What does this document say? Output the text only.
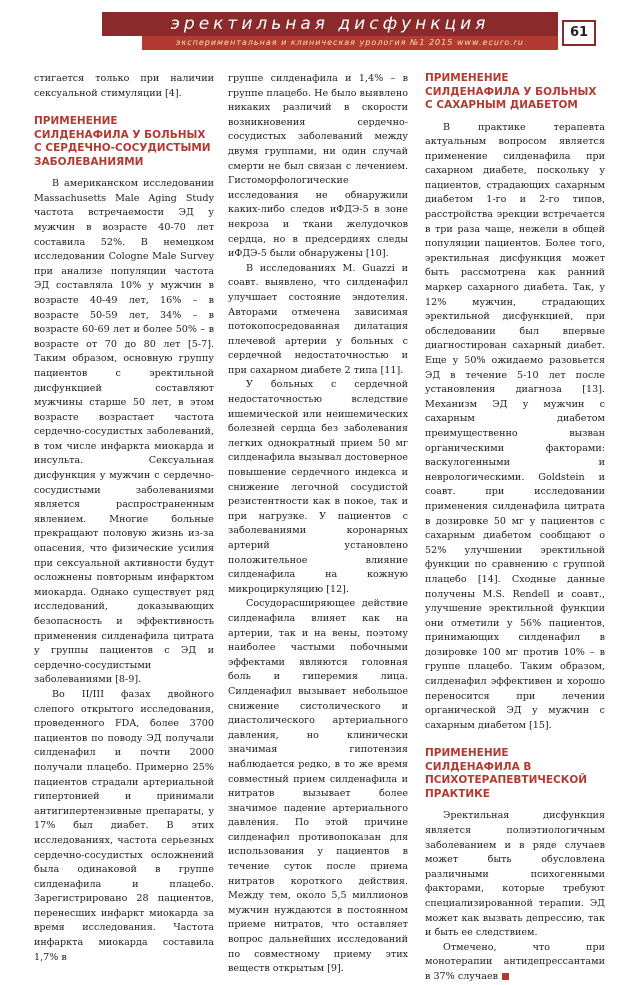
эректильная дисфункция
экспериментальная и клиническая урология №1 2015 www.ecuro.ru
61

стигается только при наличии сексуальной стимуляции [4].

ПРИМЕНЕНИЕ СИЛДЕНАФИЛА У БОЛЬНЫХ С СЕРДЕЧНО-СОСУДИСТЫМИ ЗАБОЛЕВАНИЯМИ

В американском исследовании Massachusetts Male Aging Study частота встречаемости ЭД у мужчин в возрасте 40-70 лет составила 52%. В немецком исследовании Cologne Male Survey при анализе популяции частота ЭД составляла 10% у мужчин в возрасте 40-49 лет, 16% – в возрасте 50-59 лет, 34% – в возрасте 60-69 лет и более 50% – в возрасте от 70 до 80 лет [5-7]. Таким образом, основную группу пациентов с эректильной дисфункцией составляют мужчины старше 50 лет, в этом возрасте возрастает частота сердечно-сосудистых заболеваний, в том числе инфаркта миокарда и инсульта. Сексуальная дисфункция у мужчин с сердечно-сосудистыми заболеваниями является распространенным явлением. Многие больные прекращают половую жизнь из-за опасения, что физические усилия при сексуальной активности будут осложнены повторным инфарктом миокарда. Однако существует ряд исследований, доказывающих безопасность и эффективность применения силденафила цитрата у группы пациентов с ЭД и сердечно-сосудистыми заболеваниями [8-9].

Во II/III фазах двойного слепого открытого исследования, проведенного FDA, более 3700 пациентов по поводу ЭД получали силденафил и почти 2000 получали плацебо. Примерно 25% пациентов страдали артериальной гипертонией и принимали антигипертензивные препараты, у 17% был диабет. В этих исследованиях, частота серьезных сердечно-сосудистых осложнений была одинаковой в группе силденафила и плацебо. Зарегистрировано 28 пациентов, перенесших инфаркт миокарда за время исследования. Частота инфаркта миокарда составила 1,7% в

группе силденафила и 1,4% – в группе плацебо. Не было выявлено никаких различий в скорости возникновения сердечно-сосудистых заболеваний между двумя группами, ни один случай смерти не был связан с лечением. Гистоморфологические исследования не обнаружили каких-либо следов иФДЭ-5 в зоне некроза и ткани желудочков сердца, но в предсердиях следы иФДЭ-5 были обнаружены [10].

В исследованиях M. Guazzi и соавт. выявлено, что силденафил улучшает состояние эндотелия. Авторами отмечена зависимая потокопосредованная дилатация плечевой артерии у больных с сердечной недостаточностью и при сахарном диабете 2 типа [11].

У больных с сердечной недостаточностью вследствие ишемической или неишемических болезней сердца без заболевания легких однократный прием 50 мг силденафила вызывал достоверное повышение сердечного индекса и снижение легочной сосудистой резистентности как в покое, так и при нагрузке. У пациентов с заболеваниями коронарных артерий установлено положительное влияние силденафила на кожную микроциркуляцию [12].

Сосудорасширяющее действие силденафила влияет как на артерии, так и на вены, поэтому наиболее частыми побочными эффектами являются головная боль и гиперемия лица. Силденафил вызывает небольшое снижение систолического и диастолического артериального давления, но клинически значимая гипотензия наблюдается редко, в то же время совместный прием силденафила и нитратов вызывает более значимое падение артериального давления. По этой причине силденафил противопоказан для использования у пациентов в течение суток после приема нитратов короткого действия. Между тем, около 5,5 миллионов мужчин нуждаются в постоянном приеме нитратов, что оставляет вопрос дальнейших исследований по совместному приему этих веществ открытым [9].

ПРИМЕНЕНИЕ СИЛДЕНАФИЛА У БОЛЬНЫХ С САХАРНЫМ ДИАБЕТОМ

В практике терапевта актуальным вопросом является применение силденафила при сахарном диабете, поскольку у пациентов, страдающих сахарным диабетом 1-го и 2-го типов, расстройства эрекции встречается в три раза чаще, нежели в общей популяции пациентов. Более того, эректильная дисфункция может быть рассмотрена как ранний маркер сахарного диабета. Так, у 12% мужчин, страдающих эректильной дисфункцией, при обследовании был впервые диагностирован сахарный диабет. Еще у 50% ожидаемо разовьется ЭД в течение 5-10 лет после установления диагноза [13]. Механизм ЭД у мужчин с сахарным диабетом преимущественно вызван органическими факторами: васкулогенными и неврологическими. Goldstein и соавт. при исследовании применения силденафила цитрата в дозировке 50 мг у пациентов с сахарным диабетом сообщают о 52% улучшении эректильной функции по сравнению с группой плацебо [14]. Сходные данные получены M.S. Rendell и соавт., улучшение эректильной функции они отметили у 56% пациентов, принимающих силденафил в дозировке 100 мг против 10% – в группе плацебо. Таким образом, силденафил эффективен и хорошо переносится при лечении органической ЭД у мужчин с сахарным диабетом [15].

ПРИМЕНЕНИЕ СИЛДЕНАФИЛА В ПСИХОТЕРАПЕВТИЧЕСКОЙ ПРАКТИКЕ

Эректильная дисфункция является полиэтиологичным заболеванием и в ряде случаев может быть обусловлена различными психогенными факторами, которые требуют специализированной терапии. ЭД может как вызвать депрессию, так и быть ее следствием.

Отмечено, что при монотерапии антидепрессантами в 37% случаев
